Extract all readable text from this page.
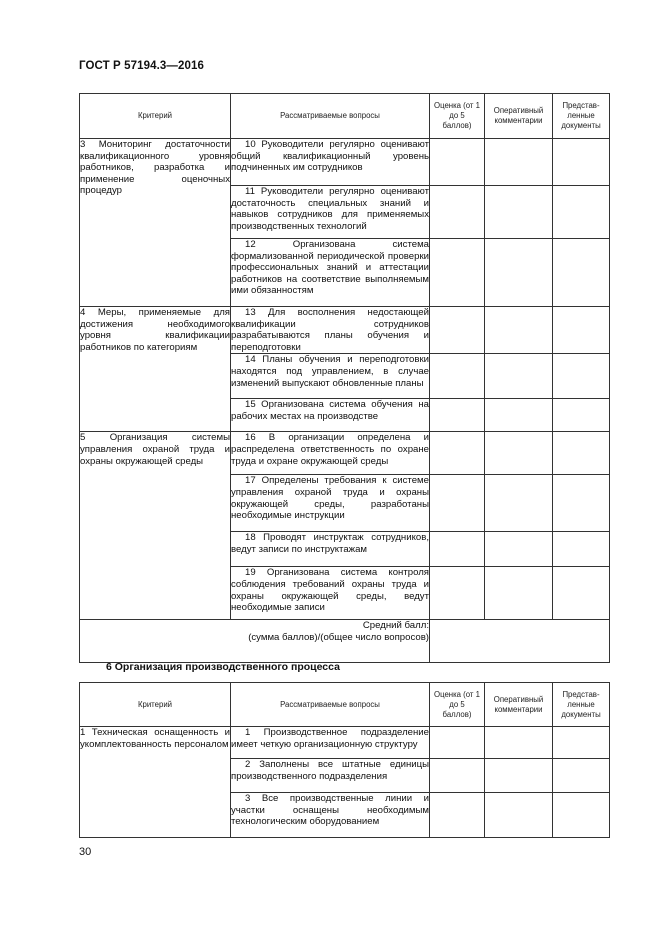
ГОСТ Р 57194.3—2016
Критерий	Рассматриваемые вопросы	Оценка (от 1 до 5 баллов)	Оперативный комментарии	Представ-ленные документы

3 Мониторинг достаточности квалификационного уровня работников, разработка и применение оценочных процедур	10 Руководители регулярно оценивают общий квалификационный уровень подчиненных им сотрудников			

	11 Руководители регулярно оценивают достаточность специальных знаний и навыков сотрудников для применяемых производственных технологий			

	12 Организована система формализованной периодической проверки профессиональных знаний и аттестации работников на соответствие выполняемым ими обязанностям			

4 Меры, применяемые для достижения необходимого уровня квалификации работников по категориям	13 Для восполнения недостающей квалификации сотрудников разрабатываются планы обучения и переподготовки			

	14 Планы обучения и переподготовки находятся под управлением, в случае изменений выпускают обновленные планы			

	15 Организована система обучения на рабочих местах на производстве			

5 Организация системы управления охраной труда и охраны окружающей среды	16 В организации определена и распределена ответственность по охране труда и охране окружающей среды			

	17 Определены требования к системе управления охраной труда и охраны окружающей среды, разработаны необходимые инструкции			

	18 Проводят инструктаж сотрудников, ведут записи по инструктажам			

	19 Организована система контроля соблюдения требований охраны труда и охраны окружающей среды, ведут необходимые записи			

Средний балл:
(сумма баллов)/(общее число вопросов)				

6 Организация производственного процесса
Критерий	Рассматриваемые вопросы	Оценка (от 1 до 5 баллов)	Оперативный комментарии	Представ-ленные документы

1 Техническая оснащенность и укомплектованность персоналом	1 Производственное подразделение имеет четкую организационную структуру			

	2 Заполнены все штатные единицы производственного подразделения			

	3 Все производственные линии и участки оснащены необходимым технологическим оборудованием			

30
